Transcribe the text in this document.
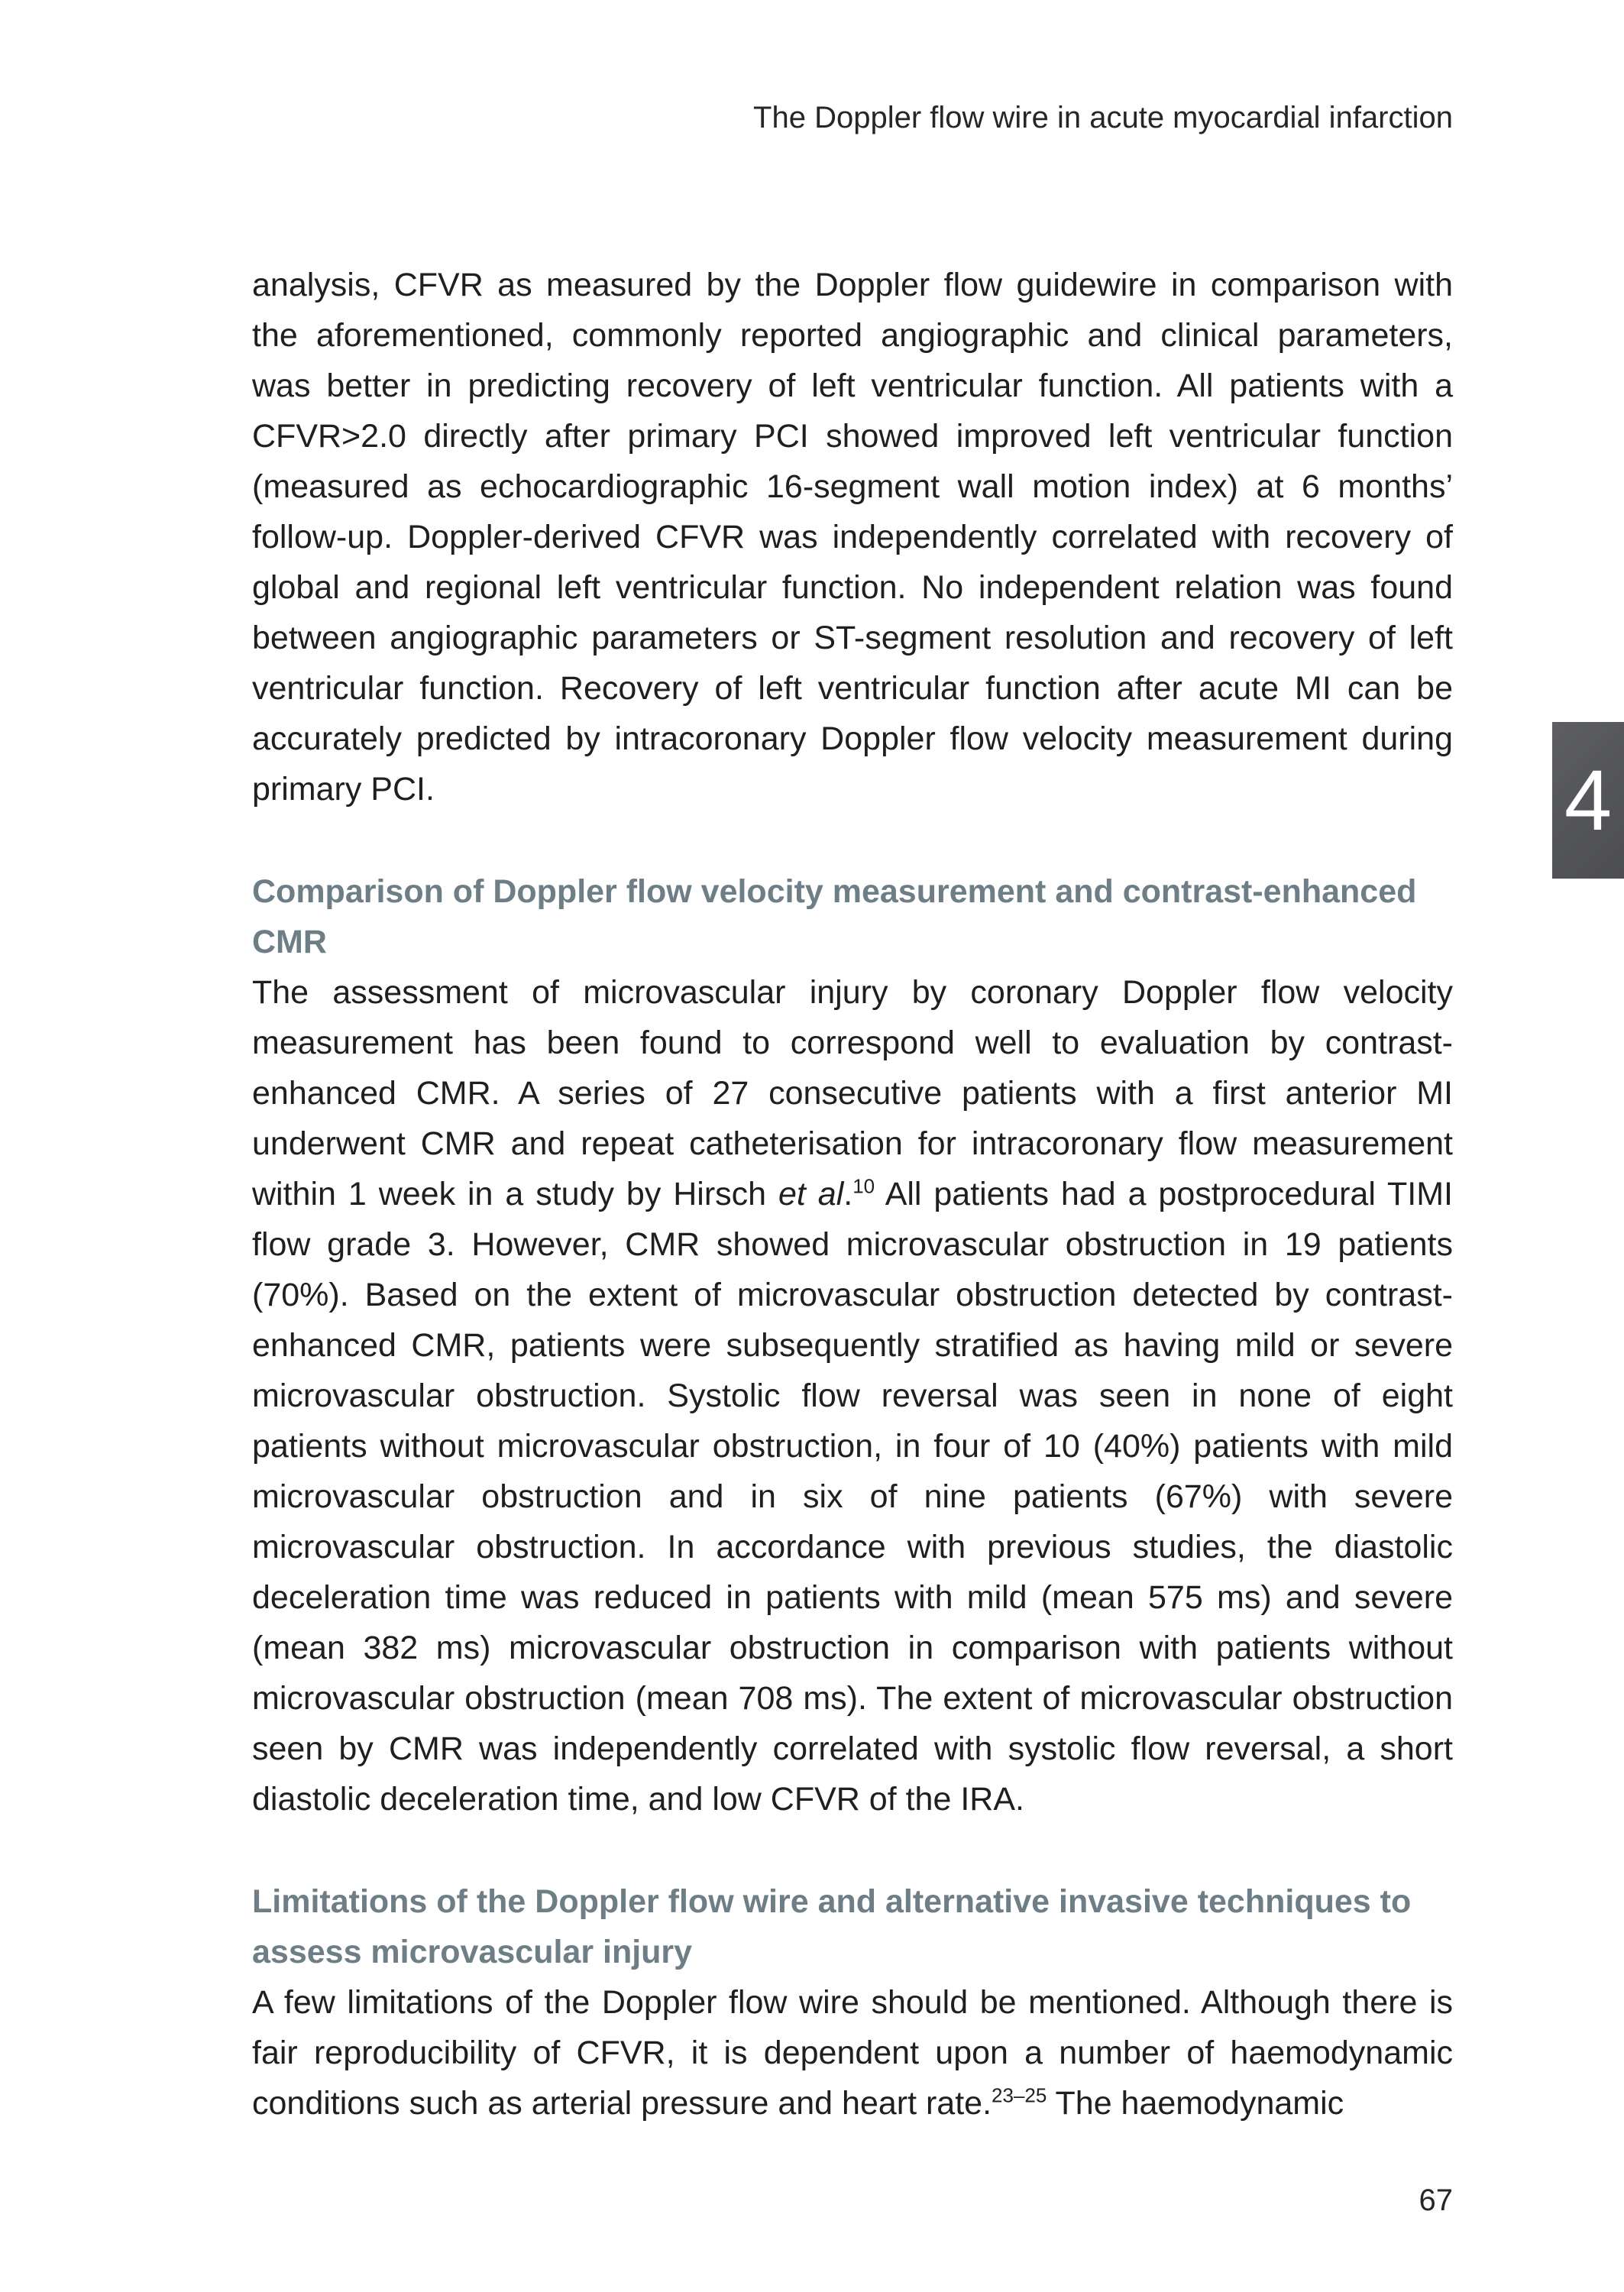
The Doppler flow wire in acute myocardial infarction
4

analysis, CFVR as measured by the Doppler flow guidewire in comparison with the aforementioned, commonly reported angiographic and clinical parameters, was better in predicting recovery of left ventricular function. All patients with a CFVR>2.0 directly after primary PCI showed improved left ventricular function (measured as echocardiographic 16-segment wall motion index) at 6 months’ follow-up. Doppler-derived CFVR was independently correlated with recovery of global and regional left ventricular function. No independent relation was found between angiographic parameters or ST-segment resolution and recovery of left ventricular function. Recovery of left ventricular function after acute MI can be accurately predicted by intracoronary Doppler flow velocity measurement during primary PCI.

Comparison of Doppler flow velocity measurement and contrast-enhanced CMR

The assessment of microvascular injury by coronary Doppler flow velocity measurement has been found to correspond well to evaluation by contrast-enhanced CMR. A series of 27 consecutive patients with a first anterior MI underwent CMR and repeat catheterisation for intracoronary flow measurement within 1 week in a study by Hirsch et al.$^{10}$ All patients had a postprocedural TIMI flow grade 3. However, CMR showed microvascular obstruction in 19 patients (70%). Based on the extent of microvascular obstruction detected by contrast-enhanced CMR, patients were subsequently stratified as having mild or severe microvascular obstruction. Systolic flow reversal was seen in none of eight patients without microvascular obstruction, in four of 10 (40%) patients with mild microvascular obstruction and in six of nine patients (67%) with severe microvascular obstruction. In accordance with previous studies, the diastolic deceleration time was reduced in patients with mild (mean 575 ms) and severe (mean 382 ms) microvascular obstruction in comparison with patients without microvascular obstruction (mean 708 ms). The extent of microvascular obstruction seen by CMR was independently correlated with systolic flow reversal, a short diastolic deceleration time, and low CFVR of the IRA.

Limitations of the Doppler flow wire and alternative invasive techniques to assess microvascular injury

A few limitations of the Doppler flow wire should be mentioned. Although there is fair reproducibility of CFVR, it is dependent upon a number of haemodynamic conditions such as arterial pressure and heart rate.$^{23-25}$ The haemodynamic

67
